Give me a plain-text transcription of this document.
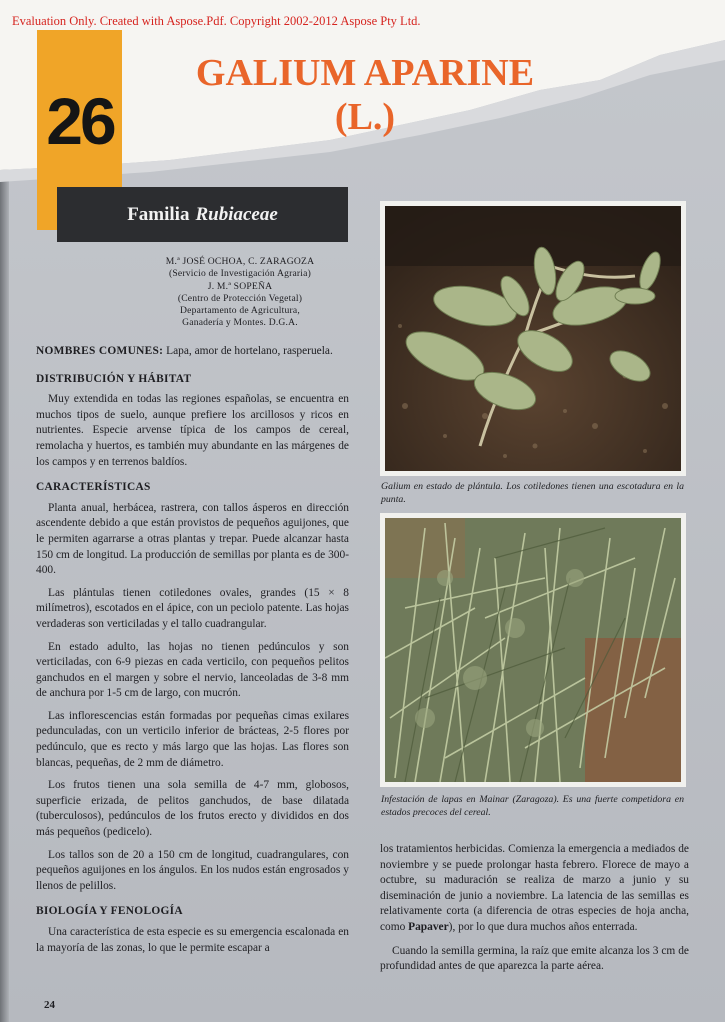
Evaluation Only. Created with Aspose.Pdf. Copyright 2002-2012 Aspose Pty Ltd.
26
GALIUM APARINE
(L.)
Familia Rubiaceae
M.ª JOSÉ OCHOA, C. ZARAGOZA
(Servicio de Investigación Agraria)
J. M.ª SOPEÑA
(Centro de Protección Vegetal)
Departamento de Agricultura,
Ganadería y Montes. D.G.A.

NOMBRES COMUNES: Lapa, amor de hortelano, rasperuela.

DISTRIBUCIÓN Y HÁBITAT

Muy extendida en todas las regiones españolas, se encuentra en muchos tipos de suelo, aunque prefiere los arcillosos y ricos en nutrientes. Especie arvense típica de los campos de cereal, remolacha y huertos, es también muy abundante en las márgenes de los campos y en terrenos baldíos.

CARACTERÍSTICAS

Planta anual, herbácea, rastrera, con tallos ásperos en dirección ascendente debido a que están provistos de pequeños aguijones, que le permiten agarrarse a otras plantas y trepar. Puede alcanzar hasta 150 cm de longitud. La producción de semillas por planta es de 300-400.

Las plántulas tienen cotiledones ovales, grandes (15 × 8 milímetros), escotados en el ápice, con un peciolo patente. Las hojas verdaderas son verticiladas y el tallo cuadrangular.

En estado adulto, las hojas no tienen pedúnculos y son verticiladas, con 6-9 piezas en cada verticilo, con pequeños pelitos ganchudos en el margen y sobre el nervio, lanceoladas de 3-8 mm de anchura por 1-5 cm de largo, con mucrón.

Las inflorescencias están formadas por pequeñas cimas exilares pedunculadas, con un verticilo inferior de brácteas, 2-5 flores por pedúnculo, que es recto y más largo que las hojas. Las flores son blancas, pequeñas, de 2 mm de diámetro.

Los frutos tienen una sola semilla de 4-7 mm, globosos, superficie erizada, de pelitos ganchudos, de base dilatada (tuberculosos), pedúnculos de los frutos erecto y divididos en dos más pequeños (pedicelo).

Los tallos son de 20 a 150 cm de longitud, cuadrangulares, con pequeños aguijones en los ángulos. En los nudos están engrosados y llenos de pelillos.

BIOLOGÍA Y FENOLOGÍA

Una característica de esta especie es su emergencia escalonada en la mayoría de las zonas, lo que le permite escapar a

Galium en estado de plántula. Los cotiledones tienen una escotadura en la punta.
Infestación de lapas en Mainar (Zaragoza). Es una fuerte competidora en estados precoces del cereal.

los tratamientos herbicidas. Comienza la emergencia a mediados de noviembre y se puede prolongar hasta febrero. Florece de mayo a octubre, su maduración se realiza de marzo a junio y su diseminación de junio a noviembre. La latencia de las semillas es relativamente corta (a diferencia de otras especies de hoja ancha, como Papaver), por lo que dura muchos años enterrada.

Cuando la semilla germina, la raíz que emite alcanza los 3 cm de profundidad antes de que aparezca la parte aérea.

24
